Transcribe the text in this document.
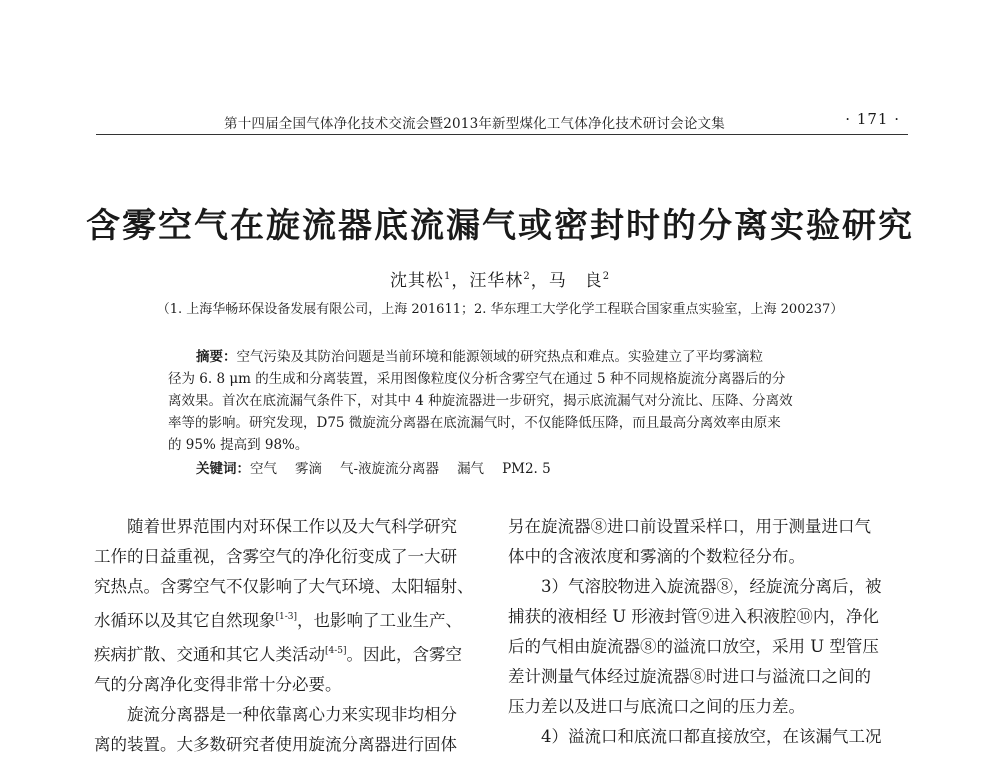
第十四届全国气体净化技术交流会暨2013年新型煤化工气体净化技术研讨会论文集	· 171 ·
含雾空气在旋流器底流漏气或密封时的分离实验研究
沈其松$^1$，汪华林$^2$，马　良$^2$
（1. 上海华畅环保设备发展有限公司，上海 201611；2. 华东理工大学化学工程联合国家重点实验室，上海 200237）

摘要：空气污染及其防治问题是当前环境和能源领域的研究热点和难点。实验建立了平均雾滴粒

径为 6. 8 μm 的生成和分离装置，采用图像粒度仪分析含雾空气在通过 5 种不同规格旋流分离器后的分

离效果。首次在底流漏气条件下，对其中 4 种旋流器进一步研究，揭示底流漏气对分流比、压降、分离效

率等的影响。研究发现，D75 微旋流分离器在底流漏气时，不仅能降低压降，而且最高分离效率由原来

的 95% 提高到 98%。

关键词：空气 雾滴 气-液旋流分离器 漏气 PM2. 5

随着世界范围内对环保工作以及大气科学研究

工作的日益重视，含雾空气的净化衍变成了一大研

究热点。含雾空气不仅影响了大气环境、太阳辐射、

水循环以及其它自然现象[1-3]，也影响了工业生产、

疾病扩散、交通和其它人类活动[4-5]。因此，含雾空

气的分离净化变得非常十分必要。

旋流分离器是一种依靠离心力来实现非均相分

离的装置。大多数研究者使用旋流分离器进行固体

另在旋流器⑧进口前设置采样口，用于测量进口气

体中的含液浓度和雾滴的个数粒径分布。

3）气溶胶物进入旋流器⑧，经旋流分离后，被

捕获的液相经 U 形液封管⑨进入积液腔⑩内，净化

后的气相由旋流器⑧的溢流口放空，采用 U 型管压

差计测量气体经过旋流器⑧时进口与溢流口之间的

压力差以及进口与底流口之间的压力差。

4）溢流口和底流口都直接放空，在该漏气工况
